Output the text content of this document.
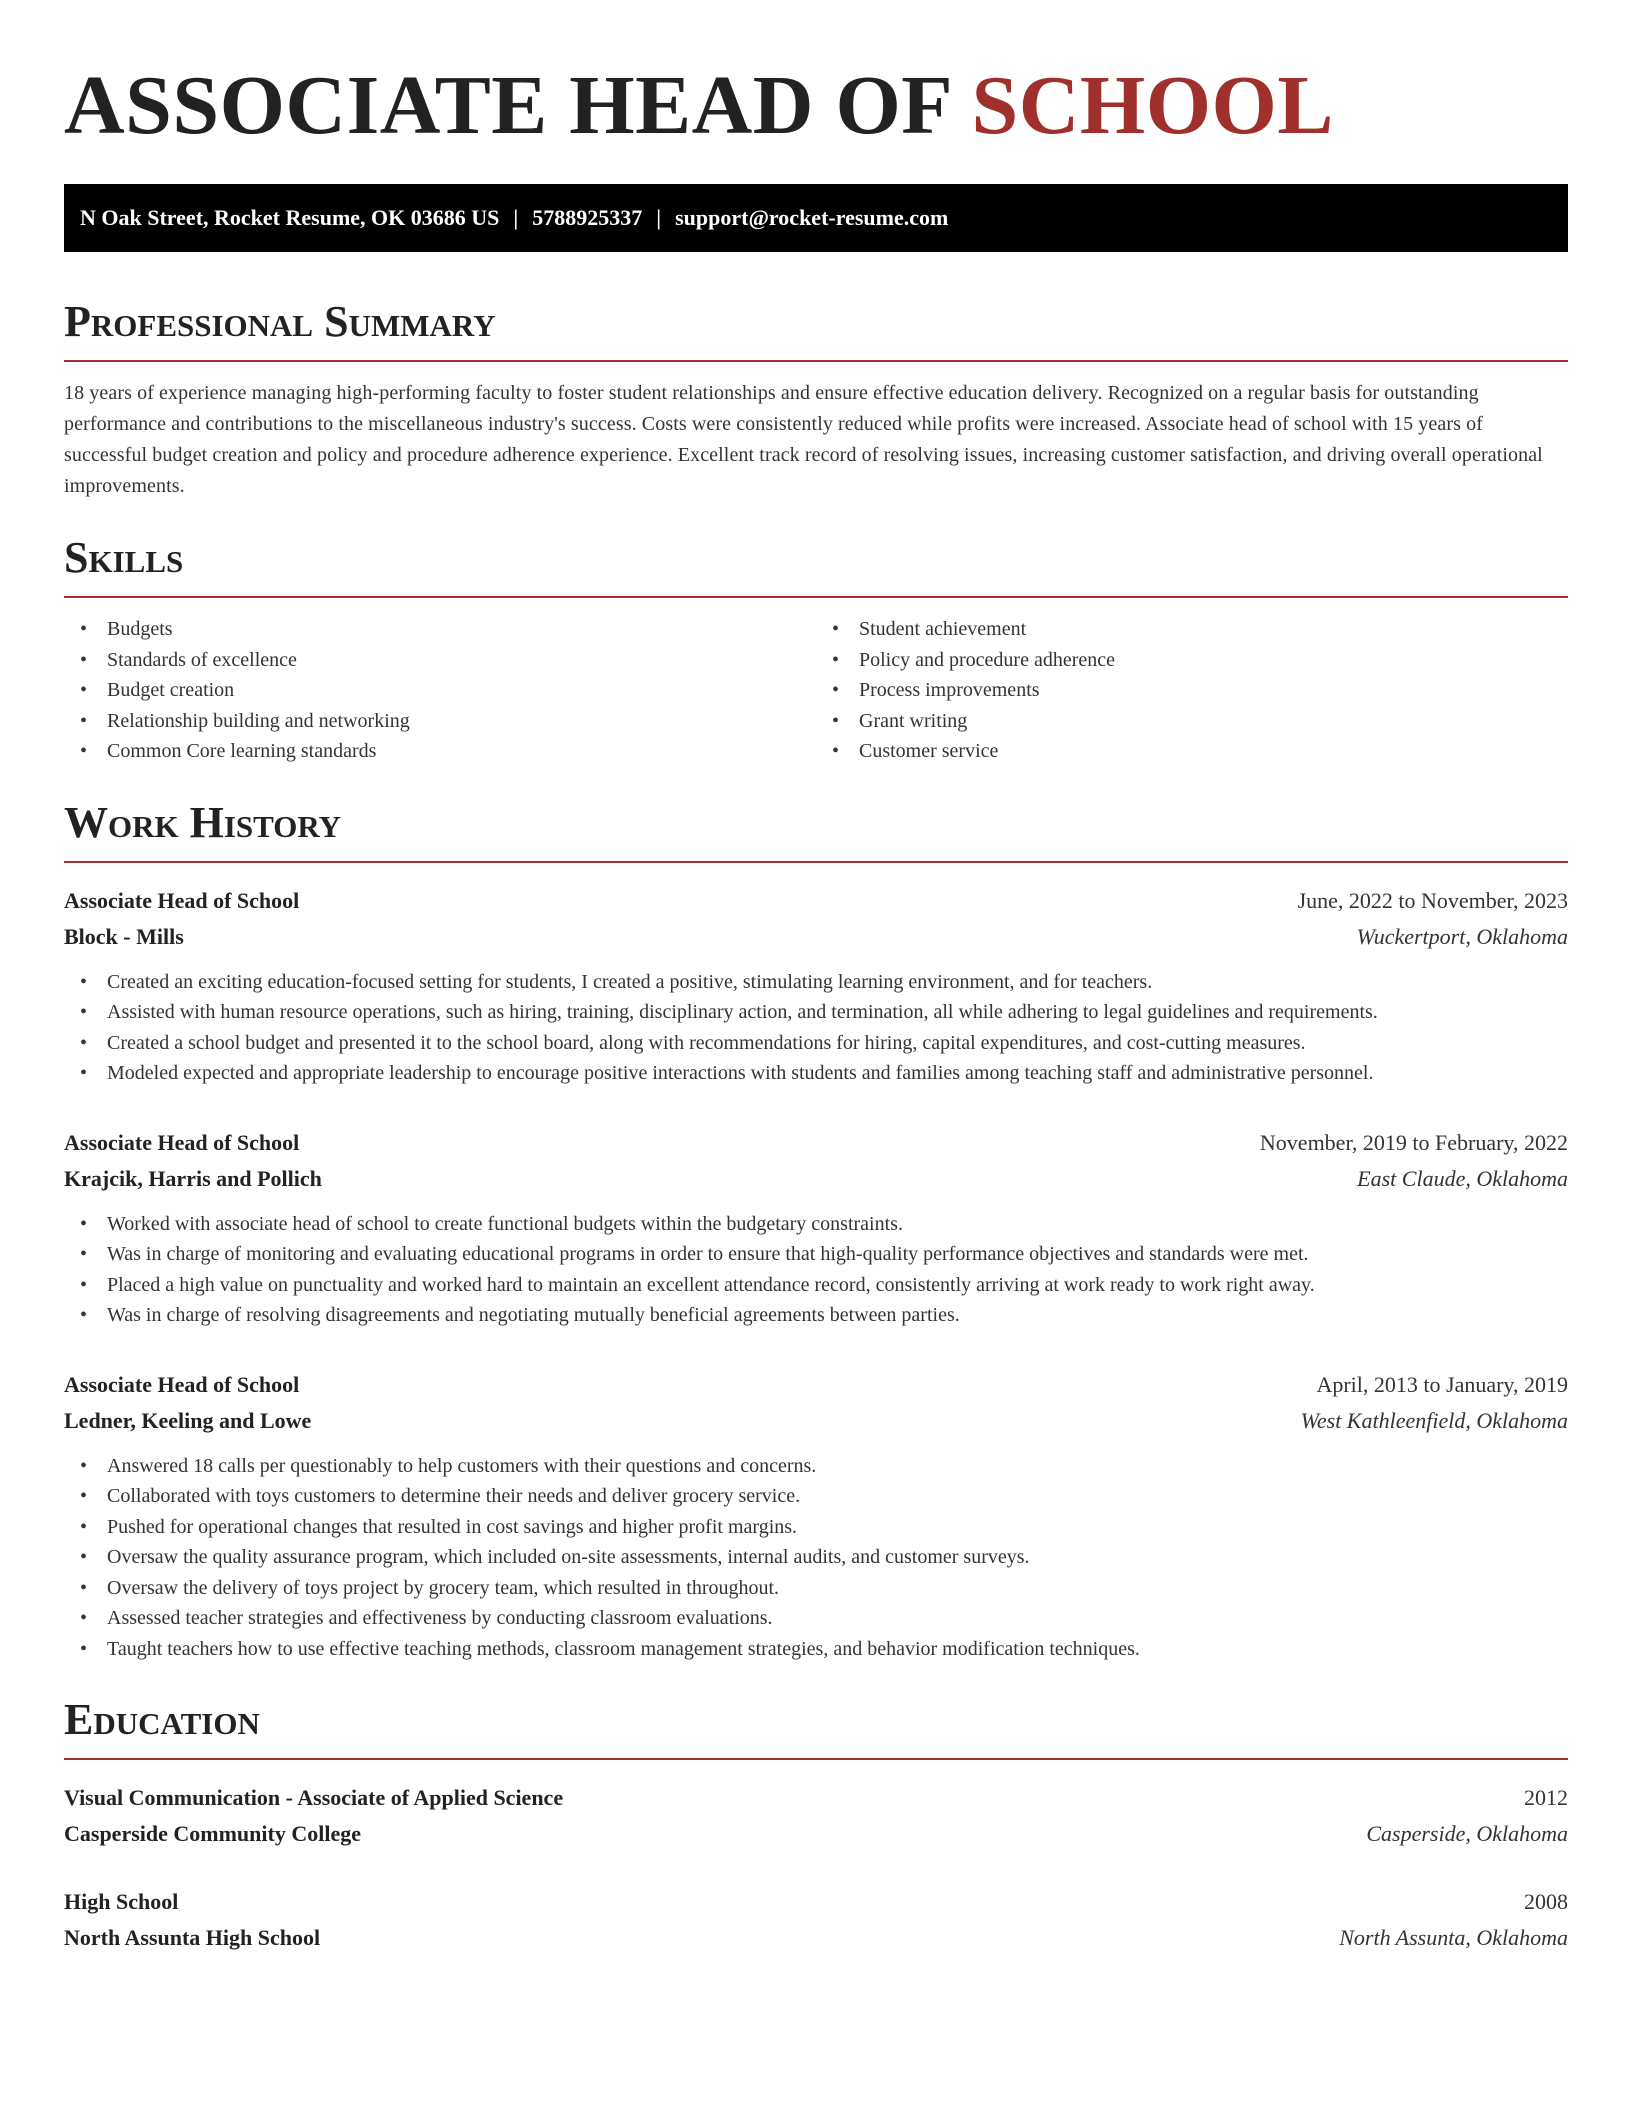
ASSOCIATE HEAD OF SCHOOL
N Oak Street, Rocket Resume, OK 03686 US | 5788925337 | support@rocket-resume.com
Professional Summary

18 years of experience managing high-performing faculty to foster student relationships and ensure effective education delivery. Recognized on a regular basis for outstanding performance and contributions to the miscellaneous industry's success. Costs were consistently reduced while profits were increased. Associate head of school with 15 years of successful budget creation and policy and procedure adherence experience. Excellent track record of resolving issues, increasing customer satisfaction, and driving overall operational improvements.

Skills
• Budgets
• Standards of excellence
• Budget creation
• Relationship building and networking
• Common Core learning standards
• Student achievement
• Policy and procedure adherence
• Process improvements
• Grant writing
• Customer service
Work History
Associate Head of School	June, 2022 to November, 2023
Block - Mills	Wuckertport, Oklahoma
• Created an exciting education-focused setting for students, I created a positive, stimulating learning environment, and for teachers.
• Assisted with human resource operations, such as hiring, training, disciplinary action, and termination, all while adhering to legal guidelines and requirements.
• Created a school budget and presented it to the school board, along with recommendations for hiring, capital expenditures, and cost-cutting measures.
• Modeled expected and appropriate leadership to encourage positive interactions with students and families among teaching staff and administrative personnel.
Associate Head of School	November, 2019 to February, 2022
Krajcik, Harris and Pollich	East Claude, Oklahoma
• Worked with associate head of school to create functional budgets within the budgetary constraints.
• Was in charge of monitoring and evaluating educational programs in order to ensure that high-quality performance objectives and standards were met.
• Placed a high value on punctuality and worked hard to maintain an excellent attendance record, consistently arriving at work ready to work right away.
• Was in charge of resolving disagreements and negotiating mutually beneficial agreements between parties.
Associate Head of School	April, 2013 to January, 2019
Ledner, Keeling and Lowe	West Kathleenfield, Oklahoma
• Answered 18 calls per questionably to help customers with their questions and concerns.
• Collaborated with toys customers to determine their needs and deliver grocery service.
• Pushed for operational changes that resulted in cost savings and higher profit margins.
• Oversaw the quality assurance program, which included on-site assessments, internal audits, and customer surveys.
• Oversaw the delivery of toys project by grocery team, which resulted in throughout.
• Assessed teacher strategies and effectiveness by conducting classroom evaluations.
• Taught teachers how to use effective teaching methods, classroom management strategies, and behavior modification techniques.
Education
Visual Communication - Associate of Applied Science	2012
Casperside Community College	Casperside, Oklahoma
High School	2008
North Assunta High School	North Assunta, Oklahoma
